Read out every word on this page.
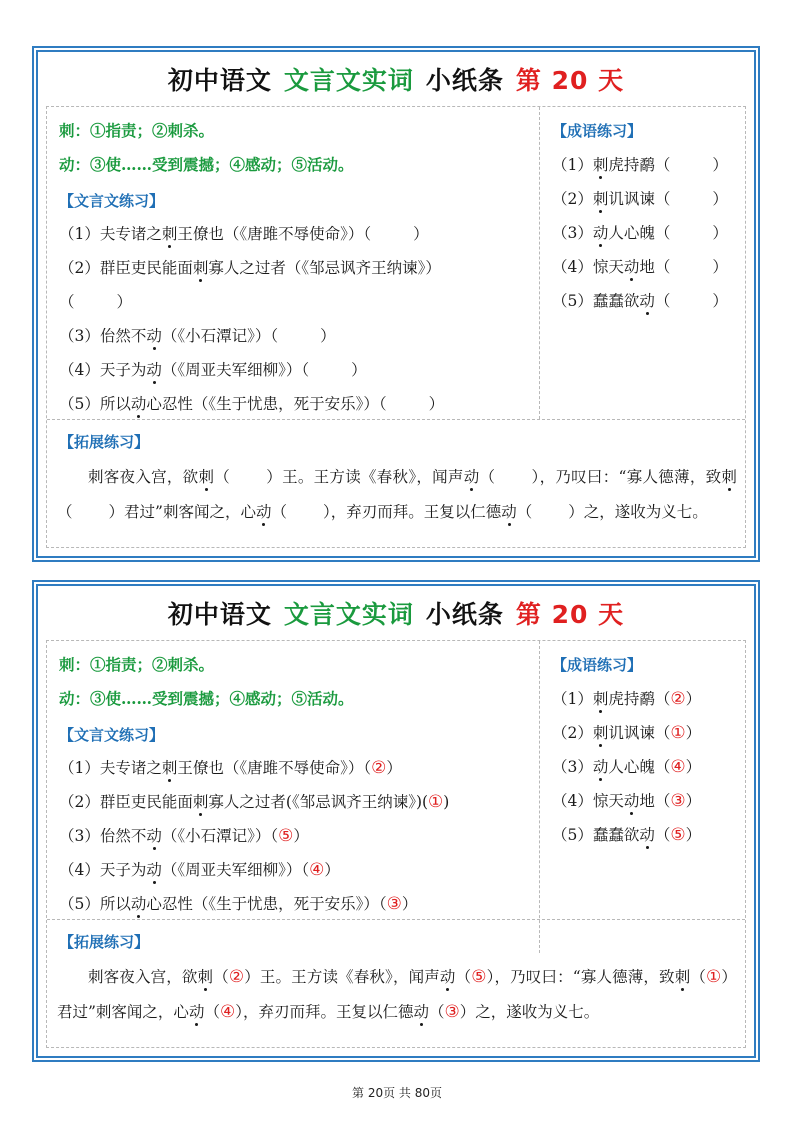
初中语文 文言文实词 小纸条 第 20 天
刺：①指责；②刺杀。
动：③使……受到震撼；④感动；⑤活动。
【文言文练习】
（1）夫专诸之刺王僚也（《唐雎不辱使命》）（	）
（2）群臣吏民能面刺寡人之过者（《邹忌讽齐王纳谏》）
（	）
（3）佁然不动（《小石潭记》）（	）
（4）天子为动（《周亚夫军细柳》）（	）
（5）所以动心忍性（《生于忧患，死于安乐》）（	）
【成语练习】
（1）刺虎持鹬（	）
（2）刺讥讽谏（	）
（3）动人心魄（	）
（4）惊天动地（	）
（5）蠢蠢欲动（	）
【拓展练习】
刺客夜入宫，欲刺（ ）王。王方读《春秋》，闻声动（ ），乃叹曰：“寡人德薄，致刺（ ）君过”刺客闻之，心动（ ），弃刃而拜。王复以仁德动（ ）之，遂收为义七。
初中语文 文言文实词 小纸条 第 20 天
刺：①指责；②刺杀。
动：③使……受到震撼；④感动；⑤活动。
【文言文练习】
（1）夫专诸之刺王僚也（《唐雎不辱使命》）（②）
（2）群臣吏民能面刺寡人之过者(《邹忌讽齐王纳谏》)(①)
（3）佁然不动（《小石潭记》）（⑤）
（4）天子为动（《周亚夫军细柳》）（④）
（5）所以动心忍性（《生于忧患，死于安乐》）（③）
【成语练习】
（1）刺虎持鹬（②）
（2）刺讥讽谏（①）
（3）动人心魄（④）
（4）惊天动地（③）
（5）蠢蠢欲动（⑤）
【拓展练习】
刺客夜入宫，欲刺（②）王。王方读《春秋》，闻声动（⑤），乃叹曰：“寡人德薄，致刺（①）君过”刺客闻之，心动（④），弃刃而拜。王复以仁德动（③）之，遂收为义七。
第 20页 共 80页
